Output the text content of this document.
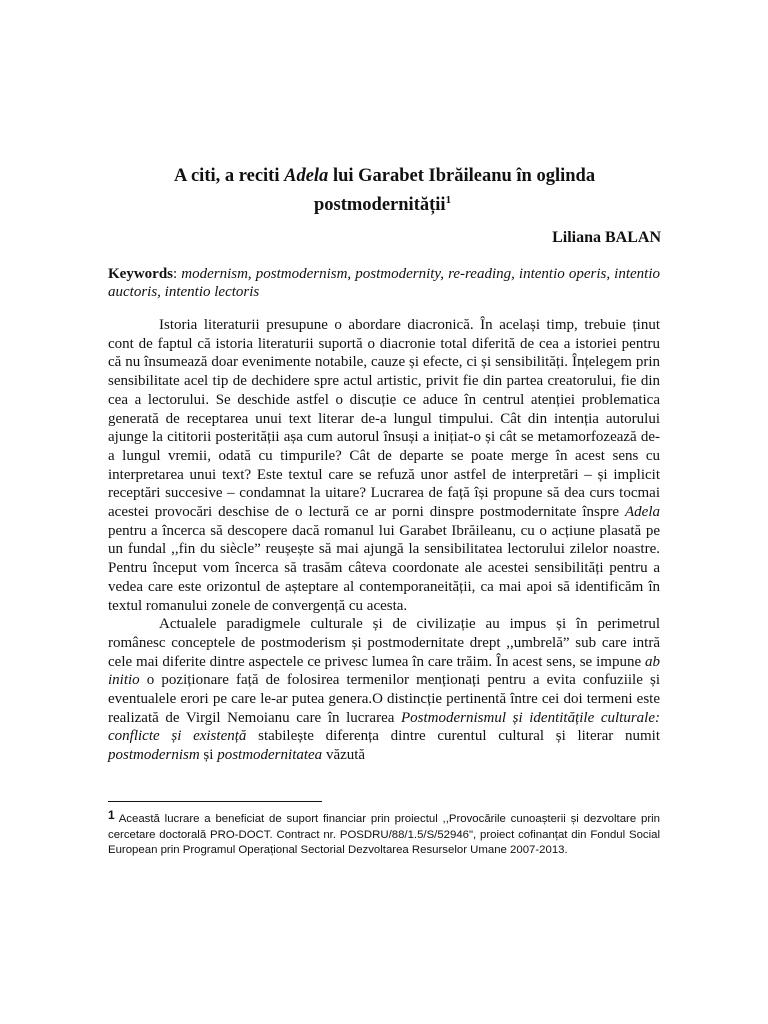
A citi, a reciti Adela lui Garabet Ibrăileanu în oglinda
postmodernității$^1$
Liliana BALAN
Keywords: modernism, postmodernism, postmodernity, re-reading, intentio operis, intentio auctoris, intentio lectoris

Istoria literaturii presupune o abordare diacronică. În același timp, trebuie ținut cont de faptul că istoria literaturii suportă o diacronie total diferită de cea a istoriei pentru că nu însumează doar evenimente notabile, cauze și efecte, ci și sensibilități. Înțelegem prin sensibilitate acel tip de dechidere spre actul artistic, privit fie din partea creatorului, fie din cea a lectorului. Se deschide astfel o discuție ce aduce în centrul atenției problematica generată de receptarea unui text literar de-a lungul timpului. Cât din intenția autorului ajunge la cititorii posterității așa cum autorul însuși a inițiat-o și cât se metamorfozează de-a lungul vremii, odată cu timpurile? Cât de departe se poate merge în acest sens cu interpretarea unui text? Este textul care se refuză unor astfel de interpretări – și implicit receptări succesive – condamnat la uitare? Lucrarea de față își propune să dea curs tocmai acestei provocări deschise de o lectură ce ar porni dinspre postmodernitate înspre Adela pentru a încerca să descopere dacă romanul lui Garabet Ibrăileanu, cu o acțiune plasată pe un fundal ,,fin du siècle” reușește să mai ajungă la sensibilitatea lectorului zilelor noastre. Pentru început vom încerca să trasăm câteva coordonate ale acestei sensibilități pentru a vedea care este orizontul de așteptare al contemporaneității, ca mai apoi să identificăm în textul romanului zonele de convergență cu acesta.

Actualele paradigmele culturale și de civilizație au impus și în perimetrul românesc conceptele de postmoderism și postmodernitate drept ,,umbrelă” sub care intră cele mai diferite dintre aspectele ce privesc lumea în care trăim. În acest sens, se impune ab initio o poziționare față de folosirea termenilor menționați pentru a evita confuziile și eventualele erori pe care le-ar putea genera.O distincție pertinentă între cei doi termeni este realizată de Virgil Nemoianu care în lucrarea Postmodernismul și identitățile culturale: conflicte și existență stabilește diferența dintre curentul cultural și literar numit postmodernism și postmodernitatea văzută

1 Această lucrare a beneficiat de suport financiar prin proiectul ,,Provocările cunoașterii și dezvoltare prin cercetare doctorală PRO-DOCT. Contract nr. POSDRU/88/1.5/S/52946", proiect cofinanțat din Fondul Social European prin Programul Operațional Sectorial Dezvoltarea Resurselor Umane 2007-2013.
